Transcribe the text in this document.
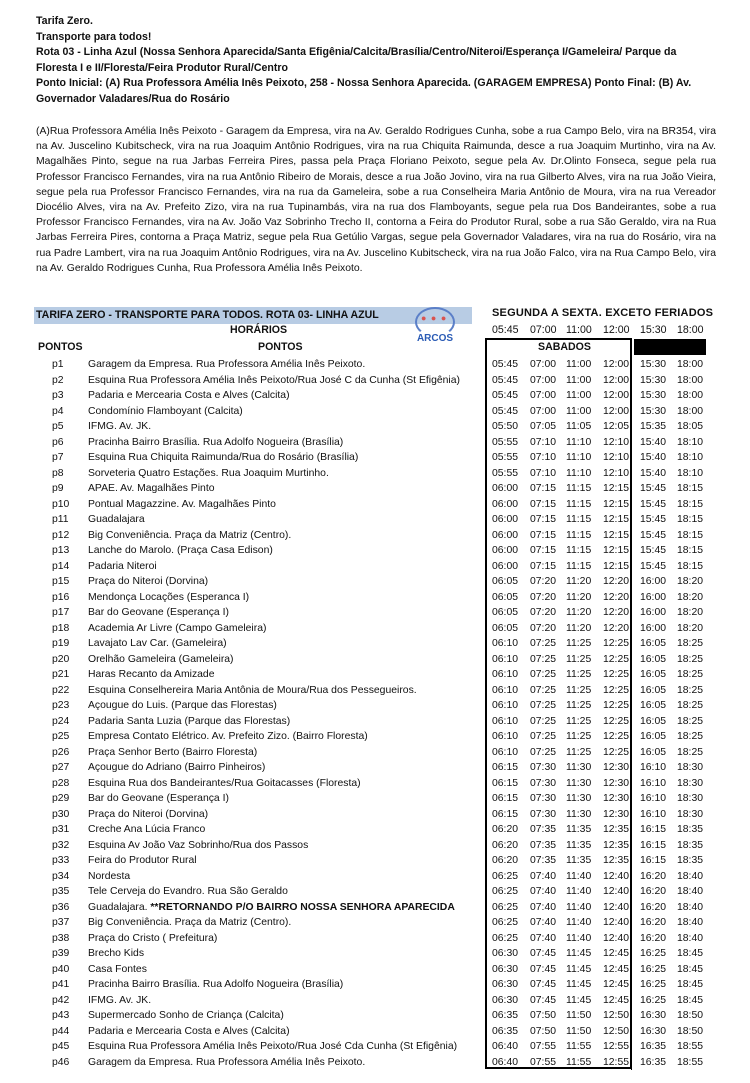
Tarifa Zero.
Transporte para todos!
Rota 03 - Linha Azul (Nossa Senhora Aparecida/Santa Efigênia/Calcita/Brasília/Centro/Niteroi/Esperança I/Gameleira/ Parque da Floresta I e II/Floresta/Feira Produtor Rural/Centro
Ponto Inicial: (A) Rua Professora Amélia Inês Peixoto, 258 - Nossa Senhora Aparecida. (GARAGEM EMPRESA) Ponto Final: (B) Av. Governador Valadares/Rua do Rosário
(A)Rua Professora Amélia Inês Peixoto - Garagem da Empresa, vira na Av. Geraldo Rodrigues Cunha, sobe a rua Campo Belo, vira na BR354, vira na Av. Juscelino Kubitscheck, vira na rua Joaquim Antônio Rodrigues, vira na rua Chiquita Raimunda, desce a rua Joaquim Murtinho, vira na Av. Magalhães Pinto, segue na rua Jarbas Ferreira Pires, passa pela Praça Floriano Peixoto, segue pela Av. Dr.Olinto Fonseca, segue pela rua Professor Francisco Fernandes, vira na rua Antônio Ribeiro de Morais, desce a rua João Jovino, vira na rua Gilberto Alves, vira na rua João Vieira, segue pela rua Professor Francisco Fernandes, vira na rua da Gameleira, sobe a rua Conselheira Maria Antônio de Moura, vira na rua Vereador Diocélio Alves, vira na Av. Prefeito Zizo, vira na rua Tupinambás, vira na rua dos Flamboyants, segue pela rua Dos Bandeirantes, sobe a rua Professor Francisco Fernandes, vira na Av. João Vaz Sobrinho Trecho II, contorna a Feira do Produtor Rural, sobe a rua São Geraldo, vira na Rua Jarbas Ferreira Pires, contorna a Praça Matriz, segue pela Rua Getúlio Vargas, segue pela Governador Valadares, vira na rua do Rosário, vira na rua Padre Lambert, vira na rua Joaquim Antônio Rodrigues, vira na Av. Juscelino Kubitscheck, vira na rua João Falco, vira na Rua Campo Belo, vira na Av. Geraldo Rodrigues Cunha, Rua Professora Amélia Inês Peixoto.
TARIFA ZERO - TRANSPORTE PARA TODOS. ROTA 03- LINHA AZUL	● ● ●
ARCOS
HORÁRIOS
PONTOS	PONTOS
SEGUNDA A SEXTA. EXCETO FERIADOS
05:45 07:00 11:00 12:00 15:30 18:00
SABADOS
p1	Garagem da Empresa. Rua Professora Amélia Inês Peixoto.	05:45 07:00 11:00 12:00 15:30 18:00
p2	Esquina Rua Professora Amélia Inês Peixoto/Rua José C da Cunha (St Efigênia)	05:45 07:00 11:00 12:00 15:30 18:00
p3	Padaria e Mercearia Costa e Alves (Calcita)	05:45 07:00 11:00 12:00 15:30 18:00
p4	Condomínio Flamboyant (Calcita)	05:45 07:00 11:00 12:00 15:30 18:00
p5	IFMG. Av. JK.	05:50 07:05 11:05 12:05 15:35 18:05
p6	Pracinha Bairro Brasília. Rua Adolfo Nogueira (Brasília)	05:55 07:10 11:10 12:10 15:40 18:10
p7	Esquina Rua Chiquita Raimunda/Rua do Rosário (Brasília)	05:55 07:10 11:10 12:10 15:40 18:10
p8	Sorveteria Quatro Estações. Rua Joaquim Murtinho.	05:55 07:10 11:10 12:10 15:40 18:10
p9	APAE. Av. Magalhães Pinto	06:00 07:15 11:15 12:15 15:45 18:15
p10	Pontual Magazzine. Av. Magalhães Pinto	06:00 07:15 11:15 12:15 15:45 18:15
p11	Guadalajara	06:00 07:15 11:15 12:15 15:45 18:15
p12	Big Conveniência. Praça da Matriz (Centro).	06:00 07:15 11:15 12:15 15:45 18:15
p13	Lanche do Marolo. (Praça Casa Edison)	06:00 07:15 11:15 12:15 15:45 18:15
p14	Padaria Niteroi	06:00 07:15 11:15 12:15 15:45 18:15
p15	Praça do Niteroi (Dorvina)	06:05 07:20 11:20 12:20 16:00 18:20
p16	Mendonça Locações (Esperanca I)	06:05 07:20 11:20 12:20 16:00 18:20
p17	Bar do Geovane (Esperança I)	06:05 07:20 11:20 12:20 16:00 18:20
p18	Academia Ar Livre (Campo Gameleira)	06:05 07:20 11:20 12:20 16:00 18:20
p19	Lavajato Lav Car. (Gameleira)	06:10 07:25 11:25 12:25 16:05 18:25
p20	Orelhão Gameleira (Gameleira)	06:10 07:25 11:25 12:25 16:05 18:25
p21	Haras Recanto da Amizade	06:10 07:25 11:25 12:25 16:05 18:25
p22	Esquina Conselhereira Maria Antônia de Moura/Rua dos Pessegueiros.	06:10 07:25 11:25 12:25 16:05 18:25
p23	Açougue do Luis. (Parque das Florestas)	06:10 07:25 11:25 12:25 16:05 18:25
p24	Padaria Santa Luzia (Parque das Florestas)	06:10 07:25 11:25 12:25 16:05 18:25
p25	Empresa Contato Elétrico. Av. Prefeito Zizo. (Bairro Floresta)	06:10 07:25 11:25 12:25 16:05 18:25
p26	Praça Senhor Berto (Bairro Floresta)	06:10 07:25 11:25 12:25 16:05 18:25
p27	Açougue do Adriano (Bairro Pinheiros)	06:15 07:30 11:30 12:30 16:10 18:30
p28	Esquina Rua dos Bandeirantes/Rua Goitacasses (Floresta)	06:15 07:30 11:30 12:30 16:10 18:30
p29	Bar do Geovane (Esperança I)	06:15 07:30 11:30 12:30 16:10 18:30
p30	Praça do Niteroi (Dorvina)	06:15 07:30 11:30 12:30 16:10 18:30
p31	Creche Ana Lúcia Franco	06:20 07:35 11:35 12:35 16:15 18:35
p32	Esquina Av João Vaz Sobrinho/Rua dos Passos	06:20 07:35 11:35 12:35 16:15 18:35
p33	Feira do Produtor Rural	06:20 07:35 11:35 12:35 16:15 18:35
p34	Nordesta	06:25 07:40 11:40 12:40 16:20 18:40
p35	Tele Cerveja do Evandro. Rua São Geraldo	06:25 07:40 11:40 12:40 16:20 18:40
p36	Guadalajara. **RETORNANDO P/O BAIRRO NOSSA SENHORA APARECIDA	06:25 07:40 11:40 12:40 16:20 18:40
p37	Big Conveniência. Praça da Matriz (Centro).	06:25 07:40 11:40 12:40 16:20 18:40
p38	Praça do Cristo ( Prefeitura)	06:25 07:40 11:40 12:40 16:20 18:40
p39	Brecho Kids	06:30 07:45 11:45 12:45 16:25 18:45
p40	Casa Fontes	06:30 07:45 11:45 12:45 16:25 18:45
p41	Pracinha Bairro Brasília. Rua Adolfo Nogueira (Brasília)	06:30 07:45 11:45 12:45 16:25 18:45
p42	IFMG. Av. JK.	06:30 07:45 11:45 12:45 16:25 18:45
p43	Supermercado Sonho de Criança (Calcita)	06:35 07:50 11:50 12:50 16:30 18:50
p44	Padaria e Mercearia Costa e Alves (Calcita)	06:35 07:50 11:50 12:50 16:30 18:50
p45	Esquina Rua Professora Amélia Inês Peixoto/Rua José Cda Cunha (St Efigênia)	06:40 07:55 11:55 12:55 16:35 18:55
p46	Garagem da Empresa. Rua Professora Amélia Inês Peixoto.	06:40 07:55 11:55 12:55 16:35 18:55
